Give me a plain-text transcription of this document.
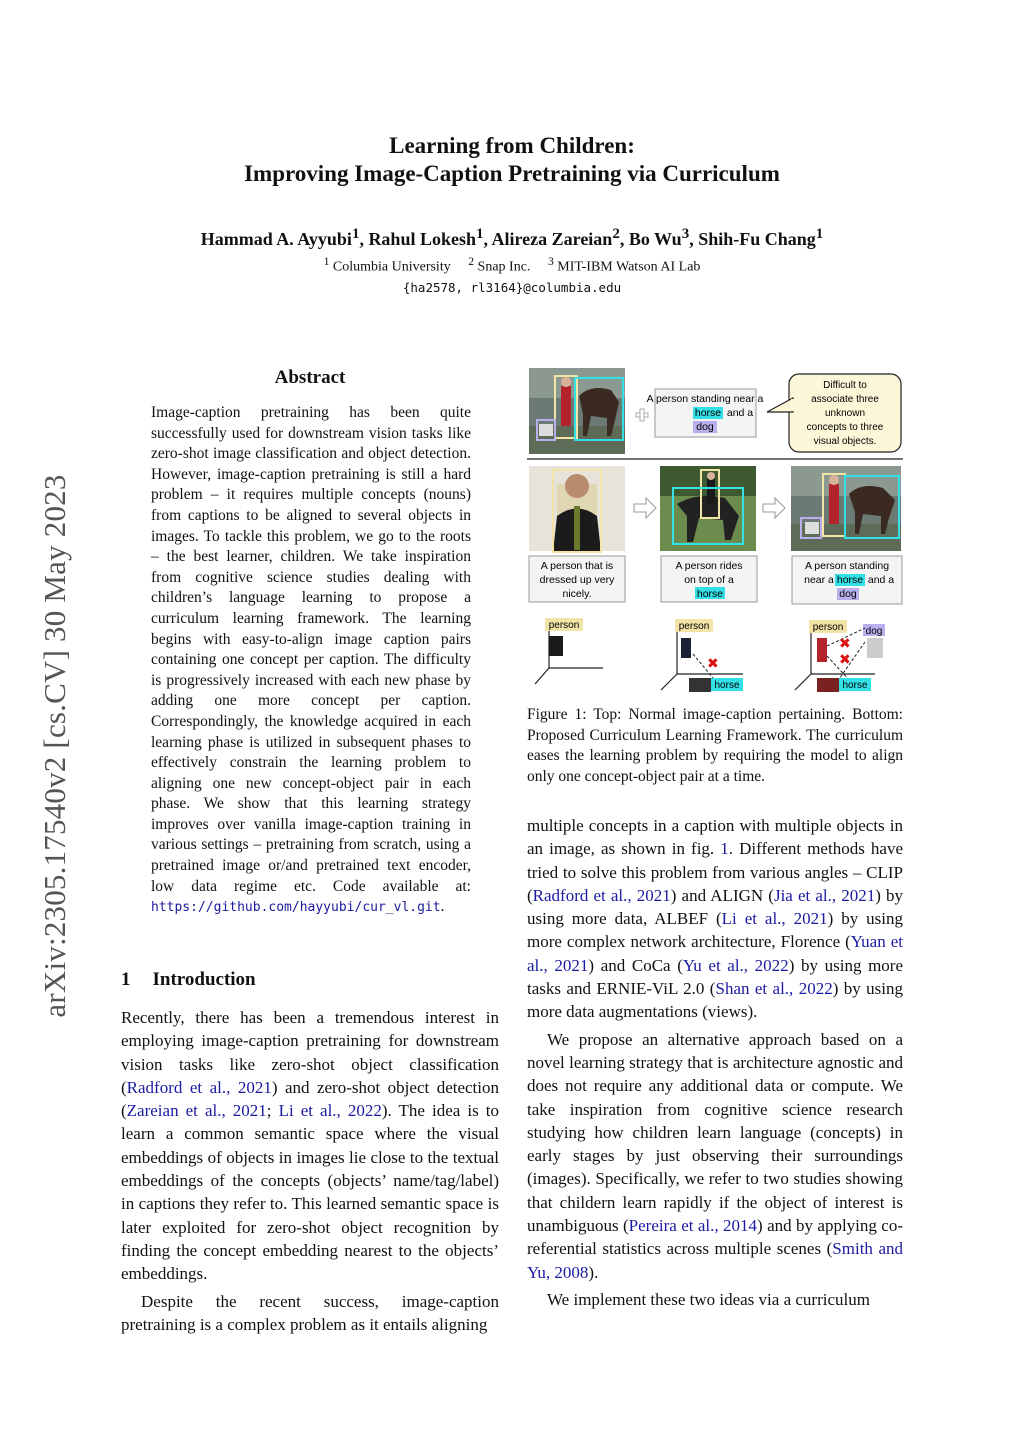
arXiv:2305.17540v2 [cs.CV] 30 May 2023
Learning from Children:
Improving Image-Caption Pretraining via Curriculum
Hammad A. Ayyubi$^1$, Rahul Lokesh$^1$, Alireza Zareian$^2$, Bo Wu$^3$, Shih-Fu Chang$^1$
$^1$ Columbia University $^2$ Snap Inc. $^3$ MIT-IBM Watson AI Lab
{ha2578, rl3164}@columbia.edu
Abstract
Image-caption pretraining has been quite successfully used for downstream vision tasks like zero-shot image classification and object detection. However, image-caption pretraining is still a hard problem – it requires multiple concepts (nouns) from captions to be aligned to several objects in images. To tackle this problem, we go to the roots – the best learner, children. We take inspiration from cognitive science studies dealing with children’s language learning to propose a curriculum learning framework. The learning begins with easy-to-align image caption pairs containing one concept per caption. The difficulty is progressively increased with each new phase by adding one more concept per caption. Correspondingly, the knowledge acquired in each learning phase is utilized in subsequent phases to effectively constrain the learning problem to aligning one new concept-object pair in each phase. We show that this learning strategy improves over vanilla image-caption training in various settings – pretraining from scratch, using a pretrained image or/and pretrained text encoder, low data regime etc. Code available at: https://github.com/hayyubi/cur_vl.git.
1 Introduction

Recently, there has been a tremendous interest in employing image-caption pretraining for downstream vision tasks like zero-shot object classification (Radford et al., 2021) and zero-shot object detection (Zareian et al., 2021; Li et al., 2022). The idea is to learn a common semantic space where the visual embeddings of objects in images lie close to the textual embeddings of the concepts (objects’ name/tag/label) in captions they refer to. This learned semantic space is later exploited for zero-shot object recognition by finding the concept embedding nearest to the objects’ embeddings.

Despite the recent success, image-caption pretraining is a complex problem as it entails aligning

A person standing near a
horse and a
dog
Difficult to
associate three
unknown
concepts to three
visual objects.
A person that is
dressed up very
nicely.
A person rides
on top of a
horse
A person standing
near a horse and a
dog
person	person
✖
horse
person dog
✖
✖
horse
Figure 1: Top: Normal image-caption pertaining. Bottom: Proposed Curriculum Learning Framework. The curriculum eases the learning problem by requiring the model to align only one concept-object pair at a time.

multiple concepts in a caption with multiple objects in an image, as shown in fig. 1. Different methods have tried to solve this problem from various angles – CLIP (Radford et al., 2021) and ALIGN (Jia et al., 2021) by using more data, ALBEF (Li et al., 2021) by using more complex network architecture, Florence (Yuan et al., 2021) and CoCa (Yu et al., 2022) by using more tasks and ERNIE-ViL 2.0 (Shan et al., 2022) by using more data augmentations (views).

We propose an alternative approach based on a novel learning strategy that is architecture agnostic and does not require any additional data or compute. We take inspiration from cognitive science research studying how children learn language (concepts) in early stages by just observing their surroundings (images). Specifically, we refer to two studies showing that childern learn rapidly if the object of interest is unambiguous (Pereira et al., 2014) and by applying co-referential statistics across multiple scenes (Smith and Yu, 2008).

We implement these two ideas via a curriculum
